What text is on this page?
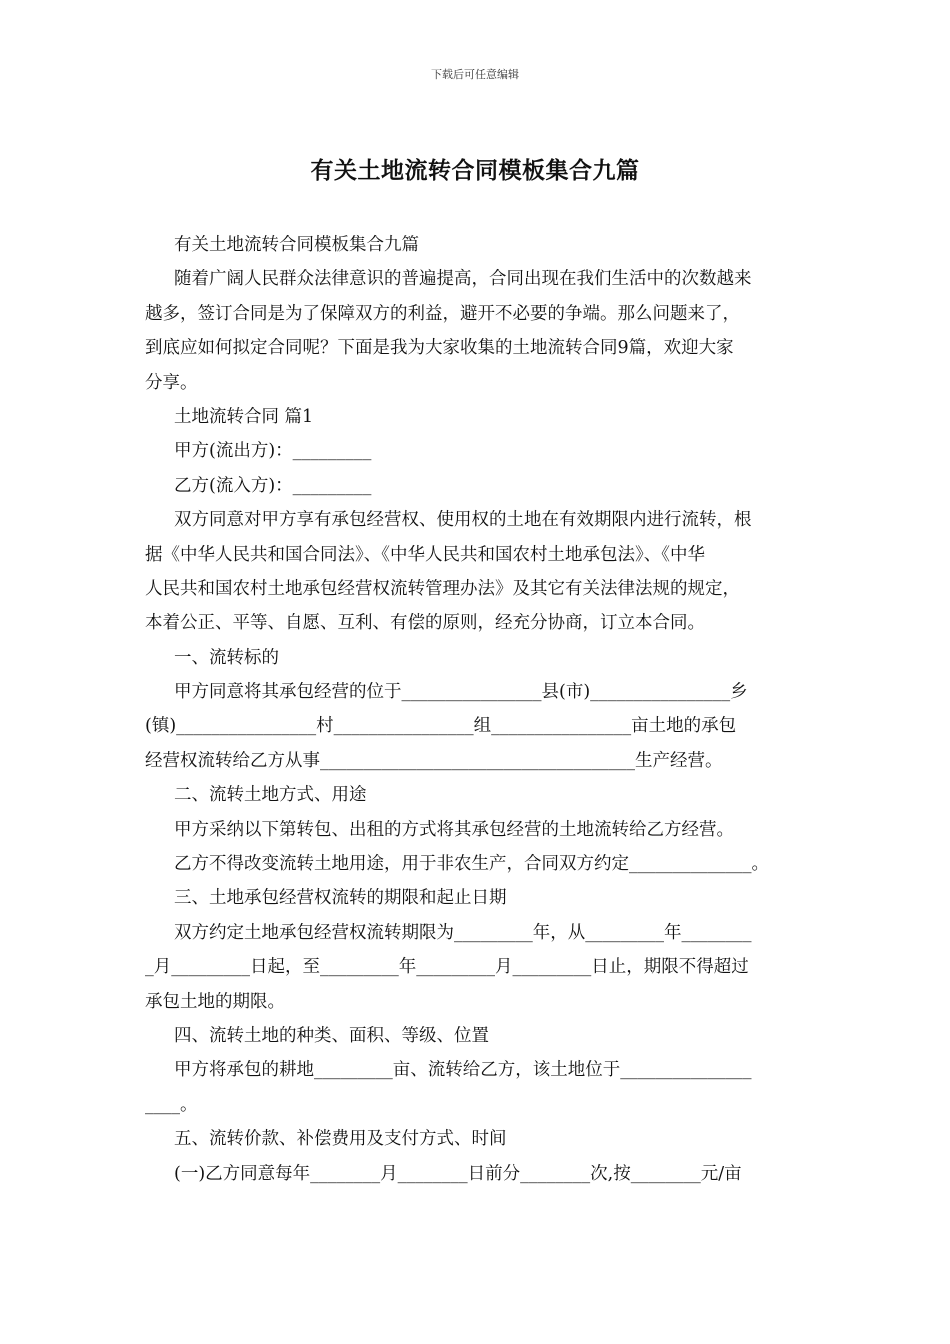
下载后可任意编辑
有关土地流转合同模板集合九篇
有关土地流转合同模板集合九篇
随着广阔人民群众法律意识的普遍提高，合同出现在我们生活中的次数越来
越多，签订合同是为了保障双方的利益，避开不必要的争端。那么问题来了，
到底应如何拟定合同呢？下面是我为大家收集的土地流转合同9篇，欢迎大家
分享。
土地流转合同 篇1
甲方(流出方)：_________
乙方(流入方)：_________
双方同意对甲方享有承包经营权、使用权的土地在有效期限内进行流转，根
据《中华人民共和国合同法》、《中华人民共和国农村土地承包法》、《中华
人民共和国农村土地承包经营权流转管理办法》及其它有关法律法规的规定，
本着公正、平等、自愿、互利、有偿的原则，经充分协商，订立本合同。
一、流转标的
甲方同意将其承包经营的位于________________县(市)________________乡
(镇)________________村________________组________________亩土地的承包
经营权流转给乙方从事____________________________________生产经营。
二、流转土地方式、用途
甲方采纳以下第转包、出租的方式将其承包经营的土地流转给乙方经营。
乙方不得改变流转土地用途，用于非农生产，合同双方约定______________。
三、土地承包经营权流转的期限和起止日期
双方约定土地承包经营权流转期限为_________年，从_________年________
_月_________日起，至_________年_________月_________日止，期限不得超过
承包土地的期限。
四、流转土地的种类、面积、等级、位置
甲方将承包的耕地_________亩、流转给乙方，该土地位于_______________
____。
五、流转价款、补偿费用及支付方式、时间
(一)乙方同意每年________月________日前分________次,按________元/亩
